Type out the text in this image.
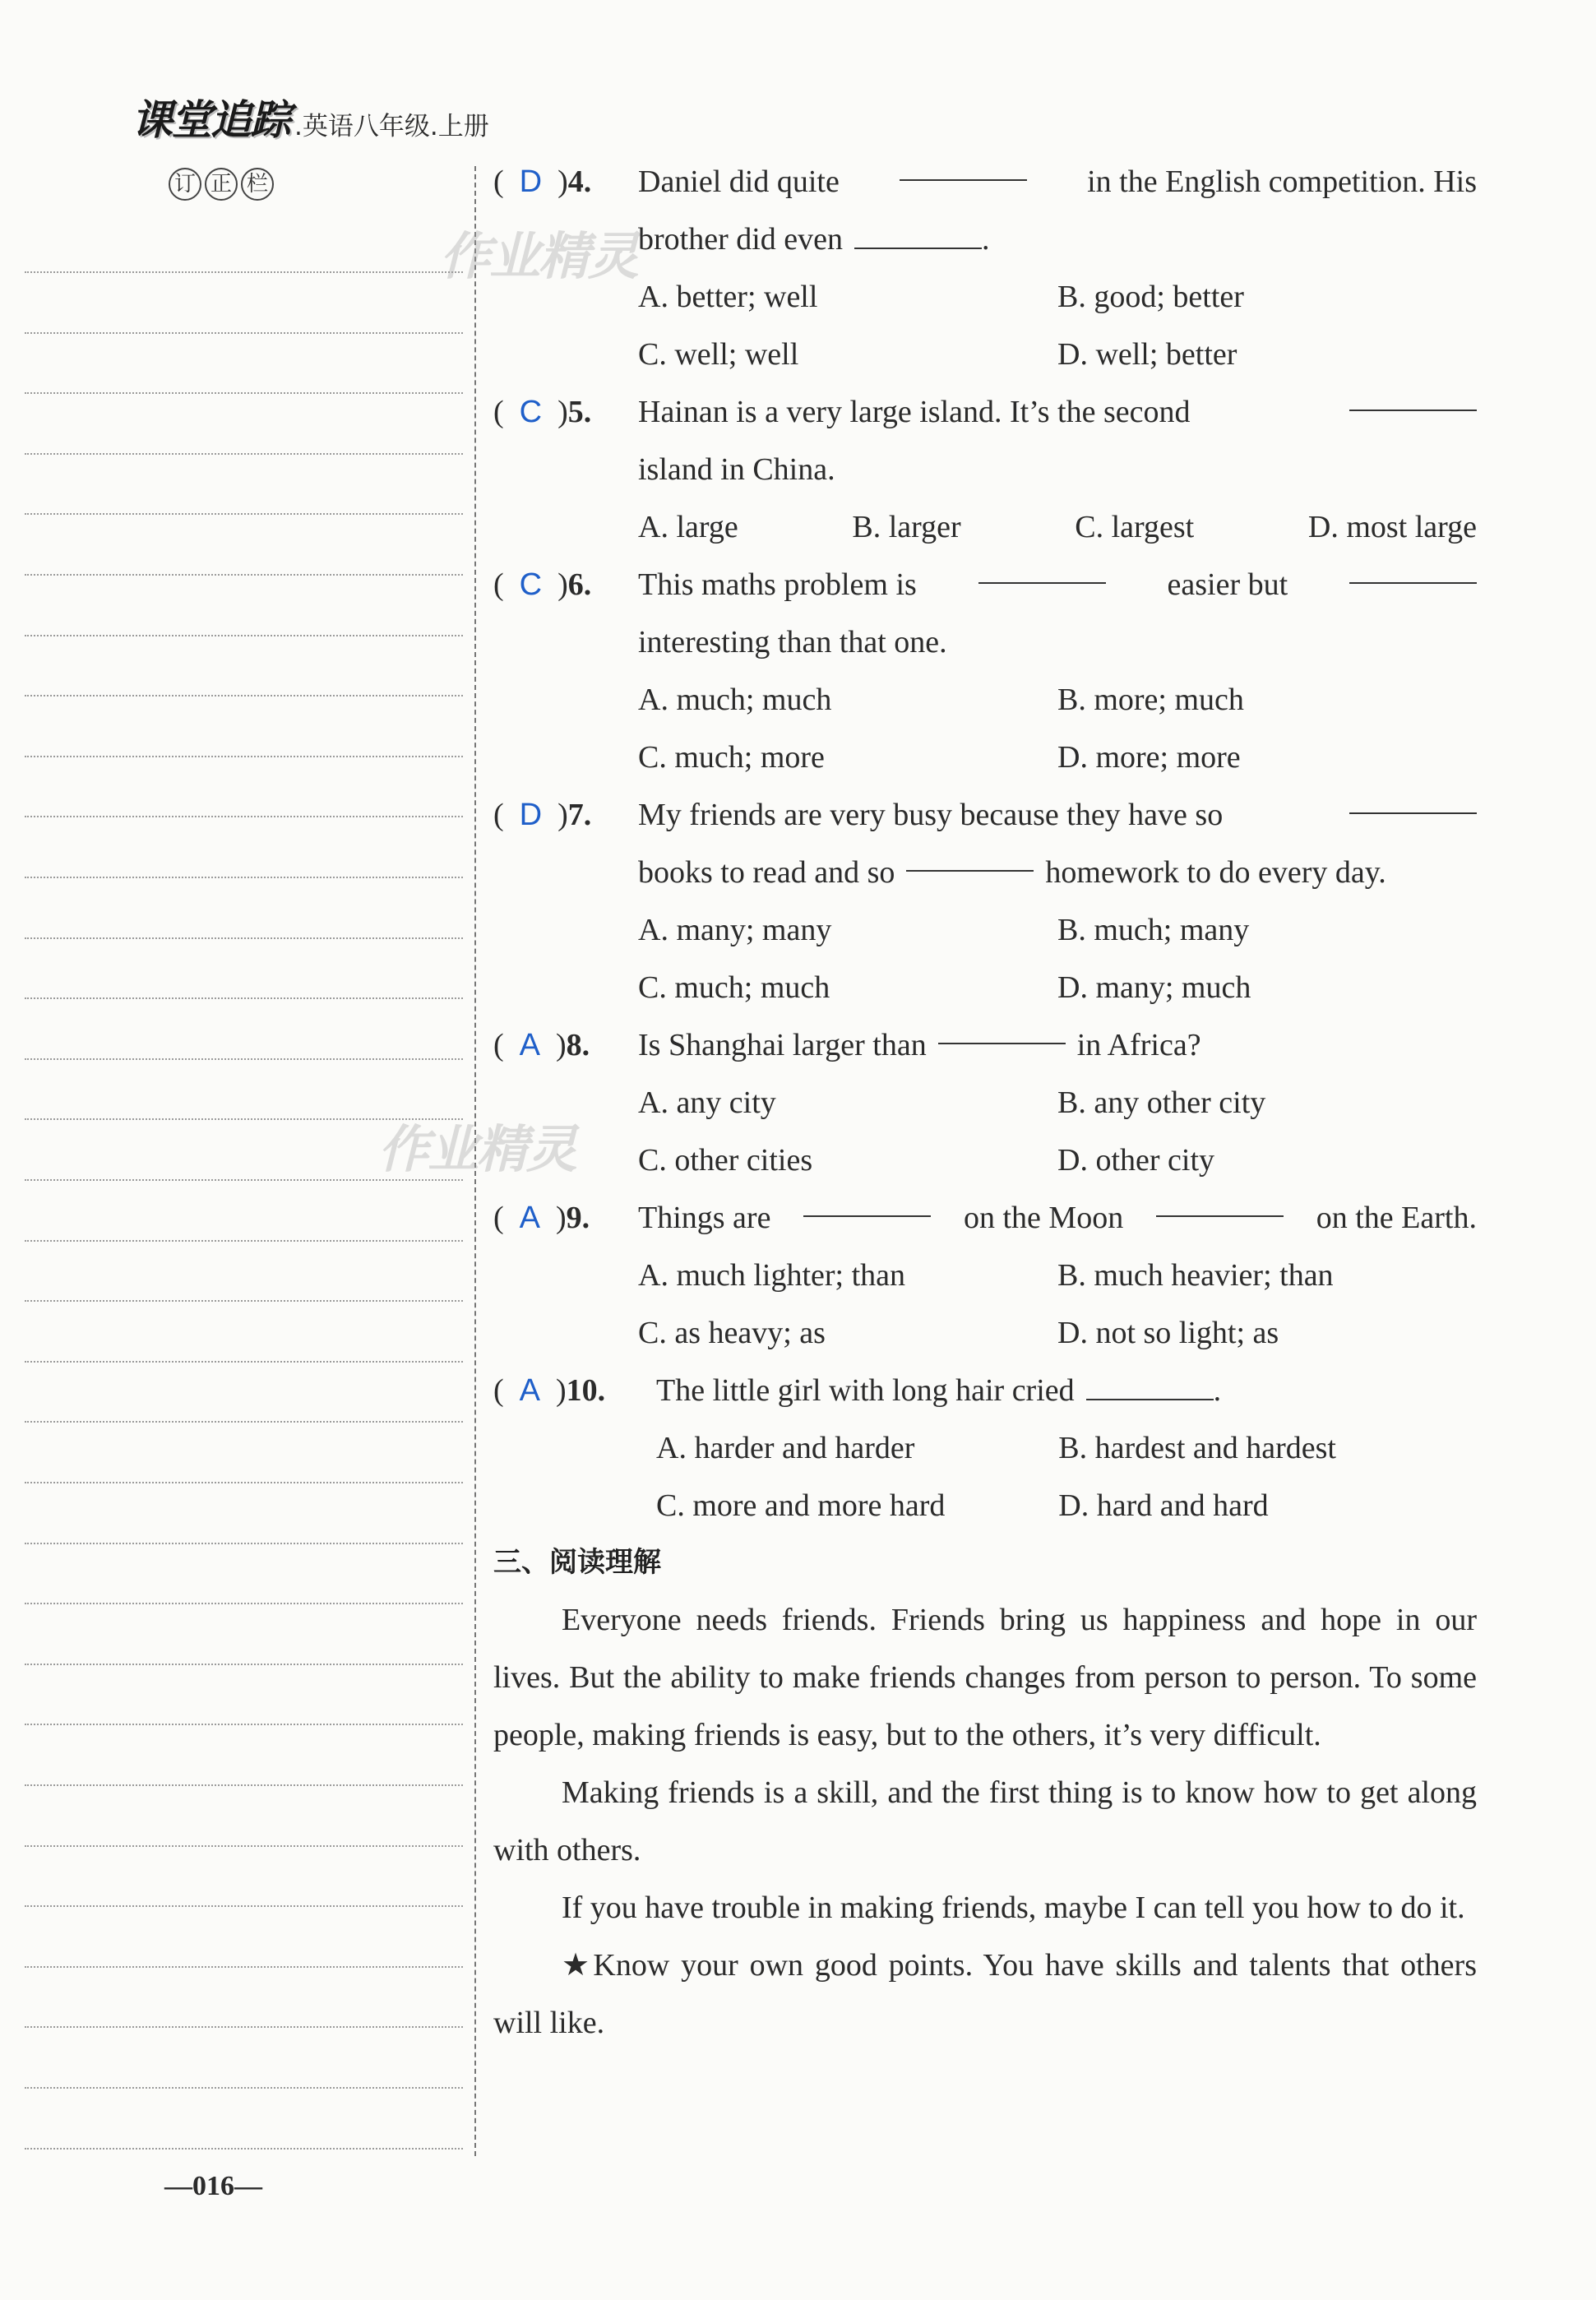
课堂追踪 .英语八年级.上册
订 正 栏
作业精灵
作业精灵
(  D  )4. Daniel did quite	in the English competition. His
brother did even	.
A. better; well	B. good; better
C. well; well	D. well; better
(  C  )5. Hainan is a very large island. It’s the second
island in China.
A. large	B. larger	C. largest	D. most large
(  C  )6. This maths problem is	easier but
interesting than that one.
A. much; much	B. more; much
C. much; more	D. more; more
(  D  )7. My friends are very busy because they have so
books to read and so	homework to do every day.
A. many; many	B. much; many
C. much; much	D. many; much
(  A  )8.	Is Shanghai larger than	in Africa?
A. any city	B. any other city
C. other cities	D. other city
(  A  )9.	Things are	on the Moon	on the Earth.
A. much lighter; than	B. much heavier; than
C. as heavy; as	D. not so light; as
(  A  )10. The little girl with long hair cried	.
A. harder and harder	B. hardest and hardest
C. more and more hard	D. hard and hard
三、阅读理解

Everyone needs friends. Friends bring us happiness and hope in our lives. But the ability to make friends changes from person to person. To some people, making friends is easy, but to the others, it’s very difficult.

Making friends is a skill, and the first thing is to know how to get along with others.

If you have trouble in making friends, maybe I can tell you how to do it.

★Know your own good points. You have skills and talents that others will like.

—016—
